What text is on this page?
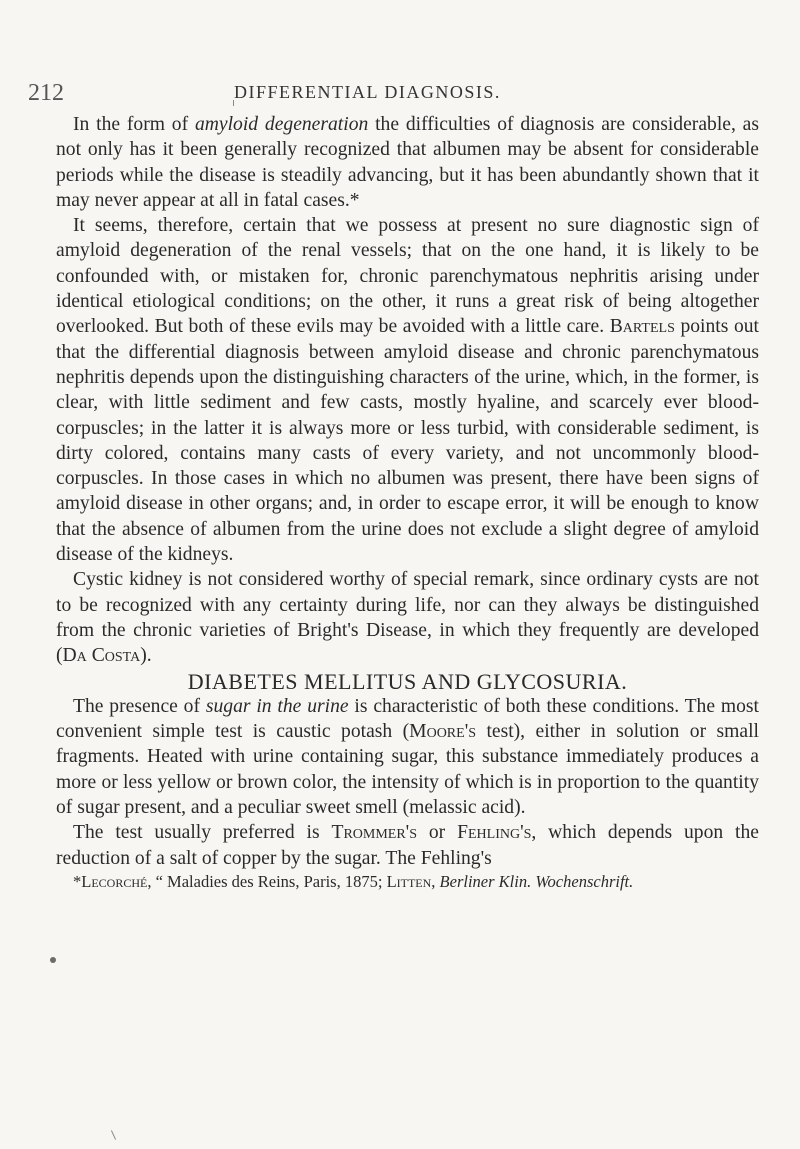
212	DIFFERENTIAL DIAGNOSIS.

In the form of amyloid degeneration the difficulties of diagnosis are considerable, as not only has it been generally recognized that albumen may be absent for considerable periods while the disease is steadily advancing, but it has been abundantly shown that it may never appear at all in fatal cases.*

It seems, therefore, certain that we possess at present no sure diagnostic sign of amyloid degeneration of the renal vessels; that on the one hand, it is likely to be confounded with, or mistaken for, chronic parenchymatous nephritis arising under identical etiological conditions; on the other, it runs a great risk of being altogether overlooked. But both of these evils may be avoided with a little care. Bartels points out that the differential diagnosis between amyloid disease and chronic parenchymatous nephritis depends upon the distinguishing characters of the urine, which, in the former, is clear, with little sediment and few casts, mostly hyaline, and scarcely ever blood-corpuscles; in the latter it is always more or less turbid, with considerable sediment, is dirty colored, contains many casts of every variety, and not uncommonly blood-corpuscles. In those cases in which no albumen was present, there have been signs of amyloid disease in other organs; and, in order to escape error, it will be enough to know that the absence of albumen from the urine does not exclude a slight degree of amyloid disease of the kidneys.

Cystic kidney is not considered worthy of special remark, since ordinary cysts are not to be recognized with any certainty during life, nor can they always be distinguished from the chronic varieties of Bright's Disease, in which they frequently are developed (Da Costa).

DIABETES MELLITUS AND GLYCOSURIA.

The presence of sugar in the urine is characteristic of both these conditions. The most convenient simple test is caustic potash (Moore's test), either in solution or small fragments. Heated with urine containing sugar, this substance immediately produces a more or less yellow or brown color, the intensity of which is in proportion to the quantity of sugar present, and a peculiar sweet smell (melassic acid).

The test usually preferred is Trommer's or Fehling's, which depends upon the reduction of a salt of copper by the sugar. The Fehling's

*Lecorché, “ Maladies des Reins, Paris, 1875; Litten, Berliner Klin. Wochenschrift.
